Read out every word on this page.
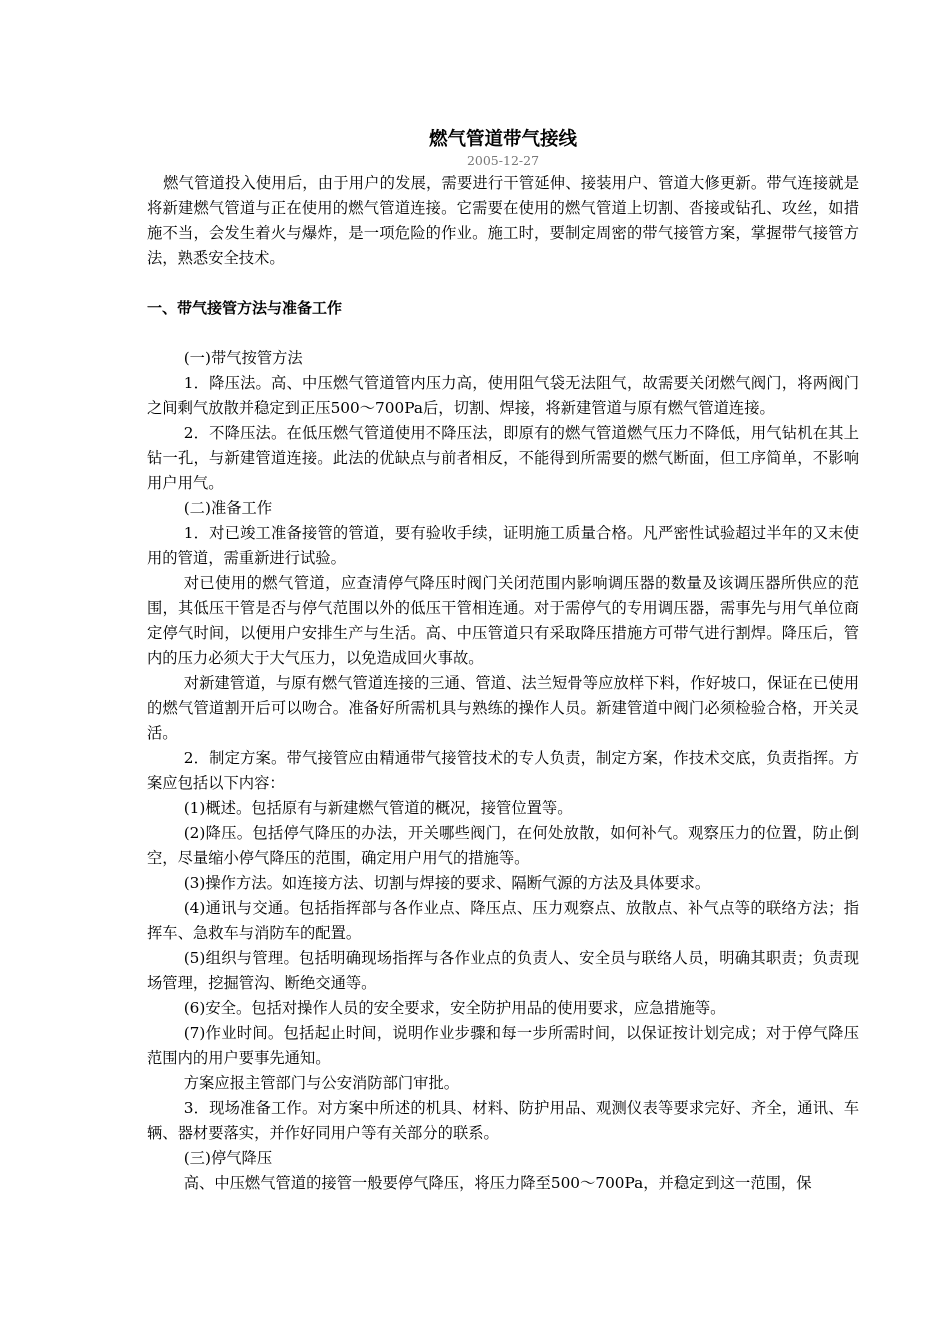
燃气管道带气接线

2005-12-27

燃气管道投入使用后，由于用户的发展，需要进行干管延伸、接装用户、管道大修更新。带气连接就是将新建燃气管道与正在使用的燃气管道连接。它需要在使用的燃气管道上切割、沓接或钻孔、攻丝，如措施不当，会发生着火与爆炸，是一项危险的作业。施工时，要制定周密的带气接管方案，掌握带气接管方法，熟悉安全技术。

一、带气接管方法与准备工作

(一)带气按管方法

1．降压法。高、中压燃气管道管内压力高，使用阻气袋无法阻气，故需要关闭燃气阀门，将两阀门之间剩气放散并稳定到正压500～700Pa后，切割、焊接，将新建管道与原有燃气管道连接。

2．不降压法。在低压燃气管道使用不降压法，即原有的燃气管道燃气压力不降低，用气钻机在其上钻一孔，与新建管道连接。此法的优缺点与前者相反，不能得到所需要的燃气断面，但工序简单，不影响用户用气。

(二)准备工作

1．对已竣工准备接管的管道，要有验收手续，证明施工质量合格。凡严密性试验超过半年的又末使用的管道，需重新进行试验。

对已使用的燃气管道，应查清停气降压时阀门关闭范围内影响调压器的数量及该调压器所供应的范围，其低压干管是否与停气范围以外的低压干管相连通。对于需停气的专用调压器，需事先与用气单位商定停气时间，以便用户安排生产与生活。高、中压管道只有采取降压措施方可带气进行割焊。降压后，管内的压力必须大于大气压力，以免造成回火事故。

对新建管道，与原有燃气管道连接的三通、管道、法兰短骨等应放样下料，作好坡口，保证在已使用的燃气管道割开后可以吻合。准备好所需机具与熟练的操作人员。新建管道中阀门必须检验合格，开关灵活。

2．制定方案。带气接管应由精通带气接管技术的专人负责，制定方案，作技术交底，负责指挥。方案应包括以下内容：

(1)概述。包括原有与新建燃气管道的概况，接管位置等。

(2)降压。包括停气降压的办法，开关哪些阀门，在何处放散，如何补气。观察压力的位置，防止倒空，尽量缩小停气降压的范围，确定用户用气的措施等。

(3)操作方法。如连接方法、切割与焊接的要求、隔断气源的方法及具体要求。

(4)通讯与交通。包括指挥部与各作业点、降压点、压力观察点、放散点、补气点等的联络方法；指挥车、急救车与消防车的配置。

(5)组织与管理。包括明确现场指挥与各作业点的负责人、安全员与联络人员，明确其职责；负责现场管理，挖掘管沟、断绝交通等。

(6)安全。包括对操作人员的安全要求，安全防护用品的使用要求，应急措施等。

(7)作业时间。包括起止时间，说明作业步骤和每一步所需时间，以保证按计划完成；对于停气降压范围内的用户要事先通知。

方案应报主管部门与公安消防部门审批。

3．现场准备工作。对方案中所述的机具、材料、防护用品、观测仪表等要求完好、齐全，通讯、车辆、器材要落实，并作好同用户等有关部分的联系。

(三)停气降压

高、中压燃气管道的接管一般要停气降压，将压力降至500～700Pa，并稳定到这一范围，保
